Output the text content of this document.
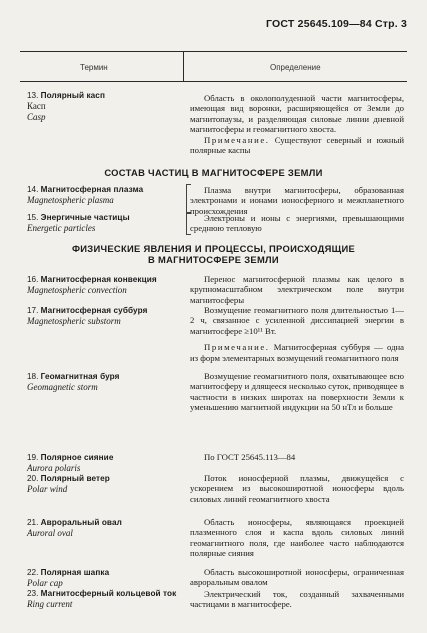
ГОСТ 25645.109—84 Стр. 3
Термин	Определение
13. Полярный касп
Касп
Casp

Область в околополуденной части магнитосферы, имеющая вид воронки, расширяющейся от Земли до магнитопаузы, и разделяющая силовые линии дневной магнитосферы и геомагнитного хвоста.

Примечание. Существуют северный и южный полярные каспы

СОСТАВ ЧАСТИЦ В МАГНИТОСФЕРЕ ЗЕМЛИ
14. Магнитосферная плазма
Magnetospheric plasma

Плазма внутри магнитосферы, образованная электронами и ионами ионосферного и межпланетного происхождения

15. Энергичные частицы
Energetic particles

Электроны и ионы с энергиями, превышающими среднюю тепловую

ФИЗИЧЕСКИЕ ЯВЛЕНИЯ И ПРОЦЕССЫ, ПРОИСХОДЯЩИЕ
В МАГНИТОСФЕРЕ ЗЕМЛИ
16. Магнитосферная конвекция
Magnetospheric convection

Перенос магнитосферной плазмы как целого в крупномасштабном электрическом поле внутри магнитосферы

17. Магнитосферная суббуря
Magnetospheric substorm

Возмущение геомагнитного поля длительностью 1—2 ч, связанное с усиленной диссипацией энергии в магнитосфере ≥10¹¹ Вт.

Примечание. Магнитосферная суббуря — одна из форм элементарных возмущений геомагнитного поля

18. Геомагнитная буря
Geomagnetic storm

Возмущение геомагнитного поля, охватывающее всю магнитосферу и длящееся несколько суток, приводящее в частности в низких широтах на поверхности Земли к уменьшению магнитной индукции на 50 нТл и больше

19. Полярное сияние
Aurora polaris

По ГОСТ 25645.113—84

20. Полярный ветер
Polar wind

Поток ионосферной плазмы, движущейся с ускорением из высокоширотной ионосферы вдоль силовых линий геомагнитного хвоста

21. Авроральный овал
Auroral oval

Область ионосферы, являющаяся проекцией плазменного слоя и каспа вдоль силовых линий геомагнитного поля, где наиболее часто наблюдаются полярные сияния

22. Полярная шапка
Polar cap

Область высокоширотной ионосферы, ограниченная авроральным овалом

23. Магнитосферный кольцевой ток
Ring current

Электрический ток, созданный захваченными частицами в магнитосфере.
